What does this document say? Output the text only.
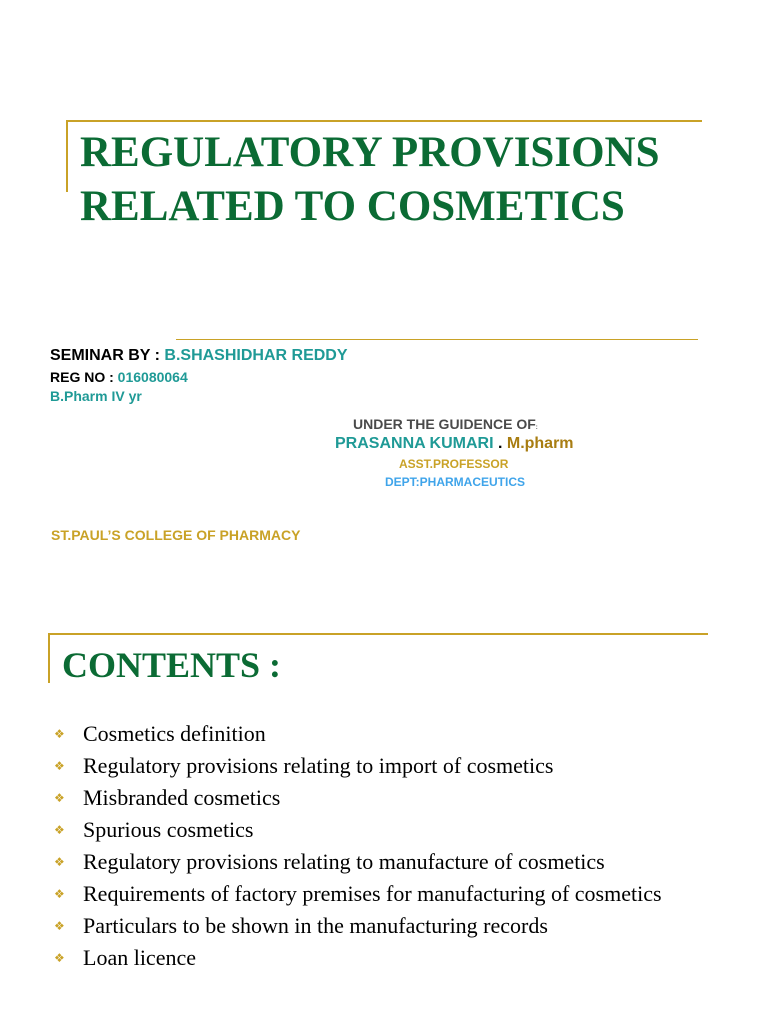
REGULATORY PROVISIONS
RELATED TO COSMETICS
SEMINAR BY : B.SHASHIDHAR REDDY
REG NO : 016080064
B.Pharm IV yr
UNDER THE GUIDENCE OF:
PRASANNA KUMARI . M.pharm
ASST.PROFESSOR
DEPT:PHARMACEUTICS
ST.PAUL’S COLLEGE OF PHARMACY
CONTENTS :
❖ Cosmetics definition
❖ Regulatory provisions relating to import of cosmetics
❖ Misbranded cosmetics
❖ Spurious cosmetics
❖ Regulatory provisions relating to manufacture of cosmetics
❖ Requirements of factory premises for manufacturing of cosmetics
❖ Particulars to be shown in the manufacturing records
❖ Loan licence
